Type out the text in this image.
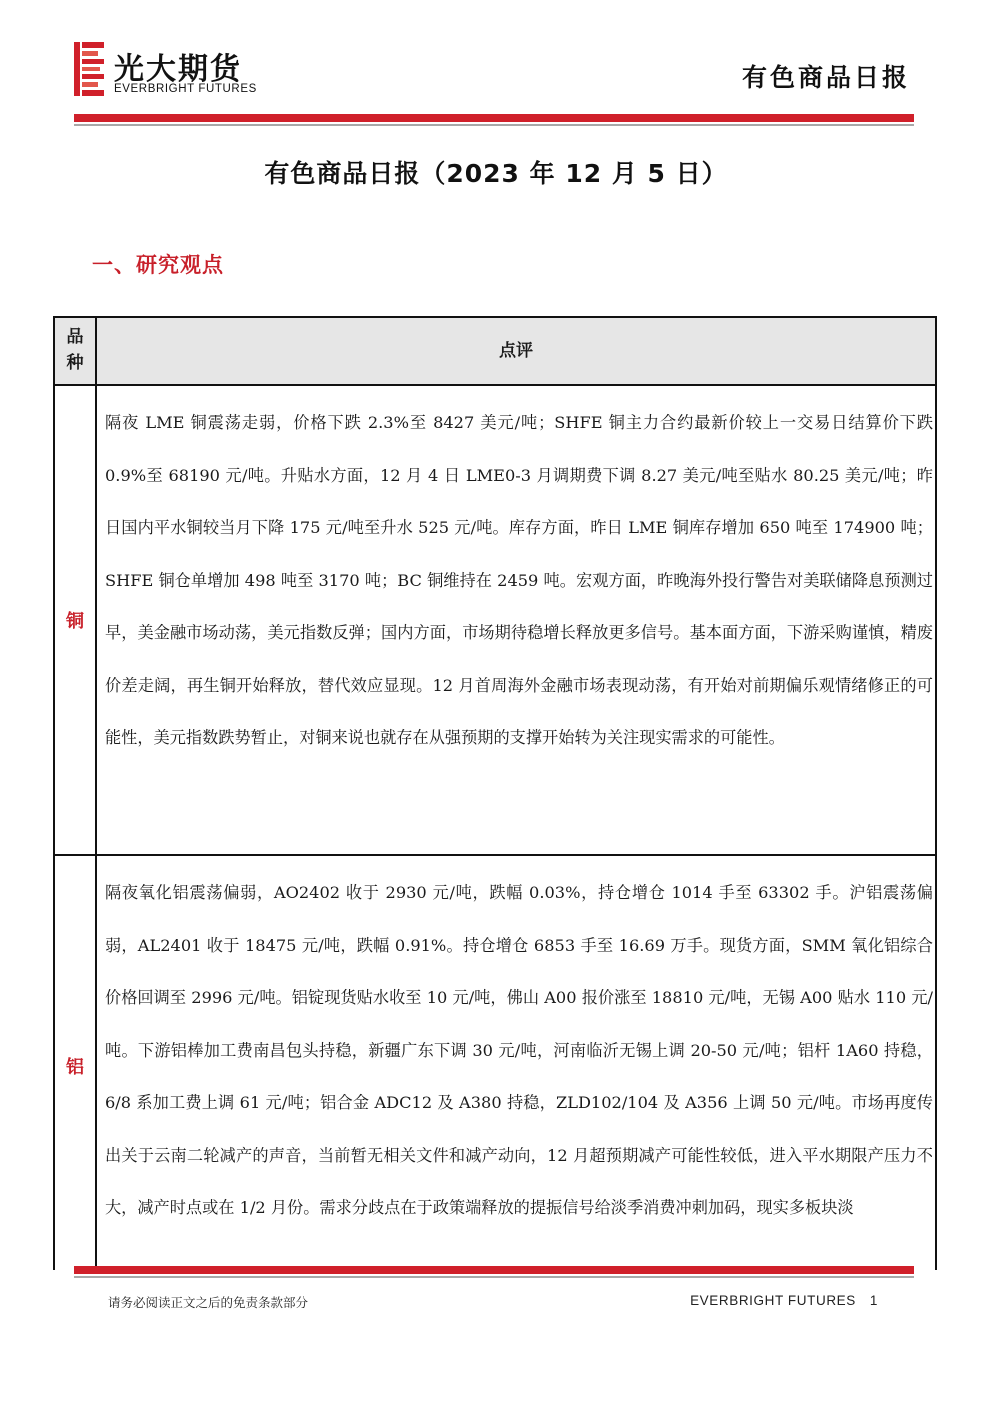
光大期货
EVERBRIGHT FUTURES	有色商品日报
有色商品日报（2023 年 12 月 5 日）
一、研究观点
品种
点评
铜

隔夜 LME 铜震荡走弱，价格下跌 2.3%至 8427 美元/吨；SHFE 铜主力合约最新价较上一交易日结算价下跌 0.9%至 68190 元/吨。升贴水方面，12 月 4 日 LME0-3 月调期费下调 8.27 美元/吨至贴水 80.25 美元/吨；昨日国内平水铜较当月下降 175 元/吨至升水 525 元/吨。库存方面，昨日 LME 铜库存增加 650 吨至 174900 吨；SHFE 铜仓单增加 498 吨至 3170 吨；BC 铜维持在 2459 吨。宏观方面，昨晚海外投行警告对美联储降息预测过早，美金融市场动荡，美元指数反弹；国内方面，市场期待稳增长释放更多信号。基本面方面，下游采购谨慎，精废价差走阔，再生铜开始释放，替代效应显现。12 月首周海外金融市场表现动荡，有开始对前期偏乐观情绪修正的可能性，美元指数跌势暂止，对铜来说也就存在从强预期的支撑开始转为关注现实需求的可能性。

铝

隔夜氧化铝震荡偏弱，AO2402 收于 2930 元/吨，跌幅 0.03%，持仓增仓 1014 手至 63302 手。沪铝震荡偏弱，AL2401 收于 18475 元/吨，跌幅 0.91%。持仓增仓 6853 手至 16.69 万手。现货方面，SMM 氧化铝综合价格回调至 2996 元/吨。铝锭现货贴水收至 10 元/吨，佛山 A00 报价涨至 18810 元/吨，无锡 A00 贴水 110 元/吨。下游铝棒加工费南昌包头持稳，新疆广东下调 30 元/吨，河南临沂无锡上调 20-50 元/吨；铝杆 1A60 持稳，6/8 系加工费上调 61 元/吨；铝合金 ADC12 及 A380 持稳，ZLD102/104 及 A356 上调 50 元/吨。市场再度传出关于云南二轮减产的声音，当前暂无相关文件和减产动向，12 月超预期减产可能性较低，进入平水期限产压力不大，减产时点或在 1/2 月份。需求分歧点在于政策端释放的提振信号给淡季消费冲刺加码，现实多板块淡

请务必阅读正文之后的免责条款部分	EVERBRIGHT FUTURES 1
